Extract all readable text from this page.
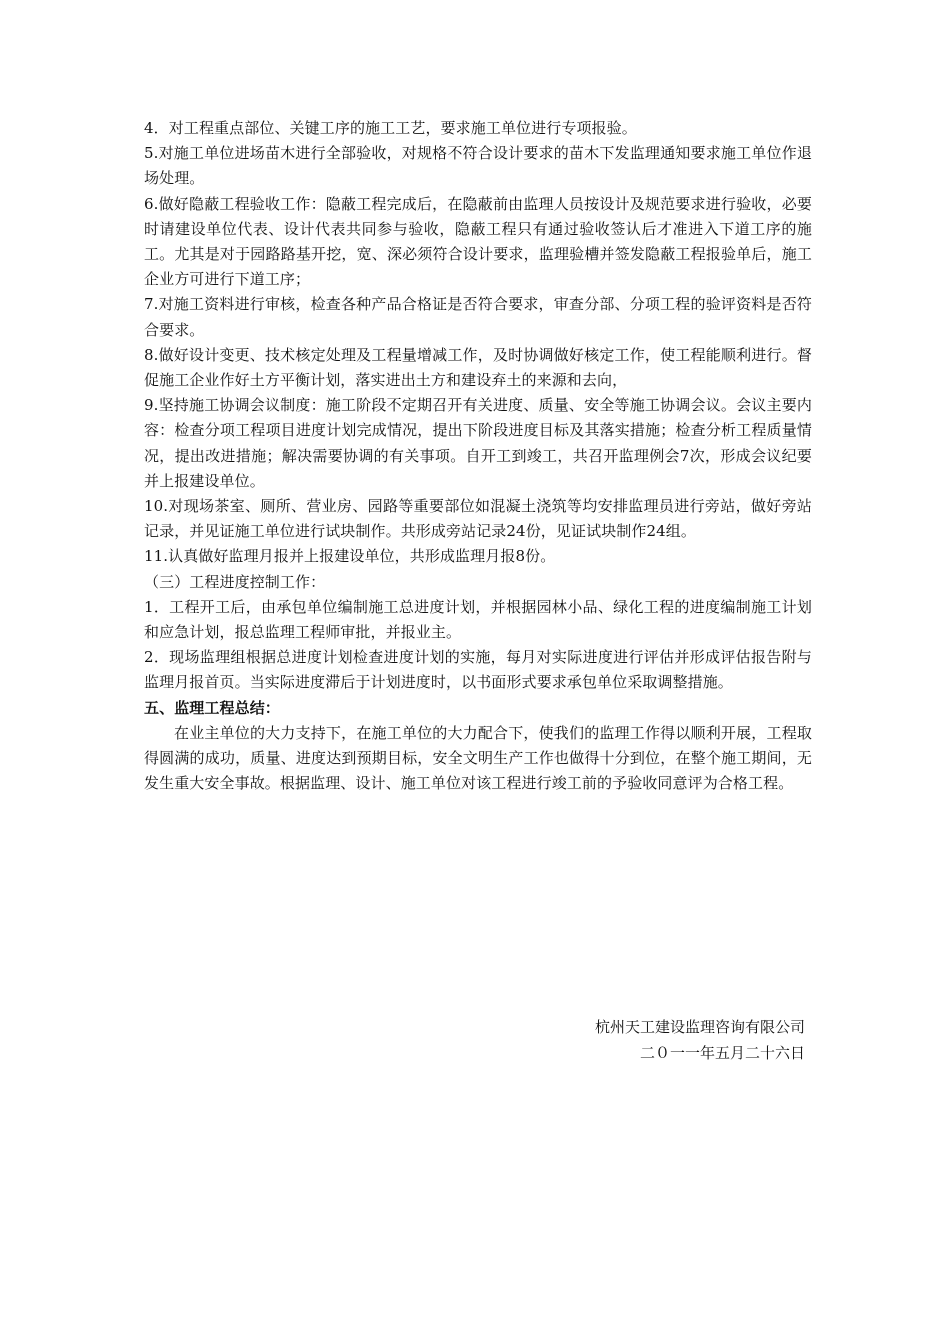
4．对工程重点部位、关键工序的施工工艺，要求施工单位进行专项报验。

5.对施工单位进场苗木进行全部验收，对规格不符合设计要求的苗木下发监理通知要求施工单位作退场处理。

6.做好隐蔽工程验收工作：隐蔽工程完成后，在隐蔽前由监理人员按设计及规范要求进行验收，必要时请建设单位代表、设计代表共同参与验收，隐蔽工程只有通过验收签认后才准进入下道工序的施工。尤其是对于园路路基开挖，宽、深必须符合设计要求，监理验槽并签发隐蔽工程报验单后，施工企业方可进行下道工序；

7.对施工资料进行审核，检查各种产品合格证是否符合要求，审查分部、分项工程的验评资料是否符合要求。

8.做好设计变更、技术核定处理及工程量增减工作，及时协调做好核定工作，使工程能顺利进行。督促施工企业作好土方平衡计划，落实进出土方和建设弃土的来源和去向，

9.坚持施工协调会议制度：施工阶段不定期召开有关进度、质量、安全等施工协调会议。会议主要内容：检查分项工程项目进度计划完成情况，提出下阶段进度目标及其落实措施；检查分析工程质量情况，提出改进措施；解决需要协调的有关事项。自开工到竣工，共召开监理例会7次，形成会议纪要并上报建设单位。

10.对现场茶室、厕所、营业房、园路等重要部位如混凝土浇筑等均安排监理员进行旁站，做好旁站记录，并见证施工单位进行试块制作。共形成旁站记录24份，见证试块制作24组。

11.认真做好监理月报并上报建设单位，共形成监理月报8份。

（三）工程进度控制工作：

1．工程开工后，由承包单位编制施工总进度计划，并根据园林小品、绿化工程的进度编制施工计划和应急计划，报总监理工程师审批，并报业主。

2．现场监理组根据总进度计划检查进度计划的实施，每月对实际进度进行评估并形成评估报告附与监理月报首页。当实际进度滞后于计划进度时，以书面形式要求承包单位采取调整措施。

五、监理工程总结：

在业主单位的大力支持下，在施工单位的大力配合下，使我们的监理工作得以顺利开展，工程取得圆满的成功，质量、进度达到预期目标，安全文明生产工作也做得十分到位，在整个施工期间，无发生重大安全事故。根据监理、设计、施工单位对该工程进行竣工前的予验收同意评为合格工程。

杭州天工建设监理咨询有限公司
二０一一年五月二十六日
